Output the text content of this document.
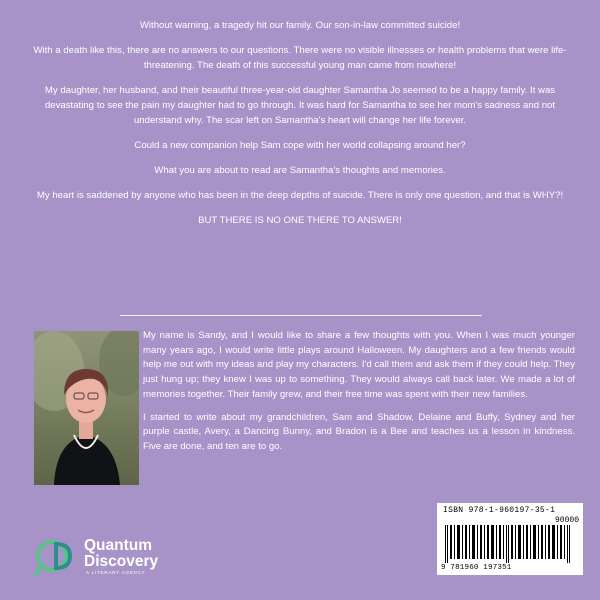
Without warning, a tragedy hit our family. Our son-in-law committed suicide!

With a death like this, there are no answers to our questions. There were no visible illnesses or health problems that were life-threatening. The death of this successful young man came from nowhere!

My daughter, her husband, and their beautiful three-year-old daughter Samantha Jo seemed to be a happy family. It was devastating to see the pain my daughter had to go through. It was hard for Samantha to see her mom's sadness and not understand why. The scar left on Samantha's heart will change her life forever.

Could a new companion help Sam cope with her world collapsing around her?

What you are about to read are Samantha's thoughts and memories.

My heart is saddened by anyone who has been in the deep depths of suicide. There is only one question, and that is WHY?!

BUT THERE IS NO ONE THERE TO ANSWER!

My name is Sandy, and I would like to share a few thoughts with you. When I was much younger many years ago, I would write little plays around Halloween. My daughters and a few friends would help me out with my ideas and play my characters. I'd call them and ask them if they could help. They just hung up; they knew I was up to something. They would always call back later. We made a lot of memories together. Their family grew, and their free time was spent with their new families.

I started to write about my grandchildren, Sam and Shadow, Delaine and Buffy, Sydney and her purple castle, Avery, a Dancing Bunny, and Bradon is a Bee and teaches us a lesson in kindness. Five are done, and ten are to go.

Quantum
Discovery
A LITERARY AGENCY
ISBN 978-1-960197-35-1
90000
9 781960 197351
